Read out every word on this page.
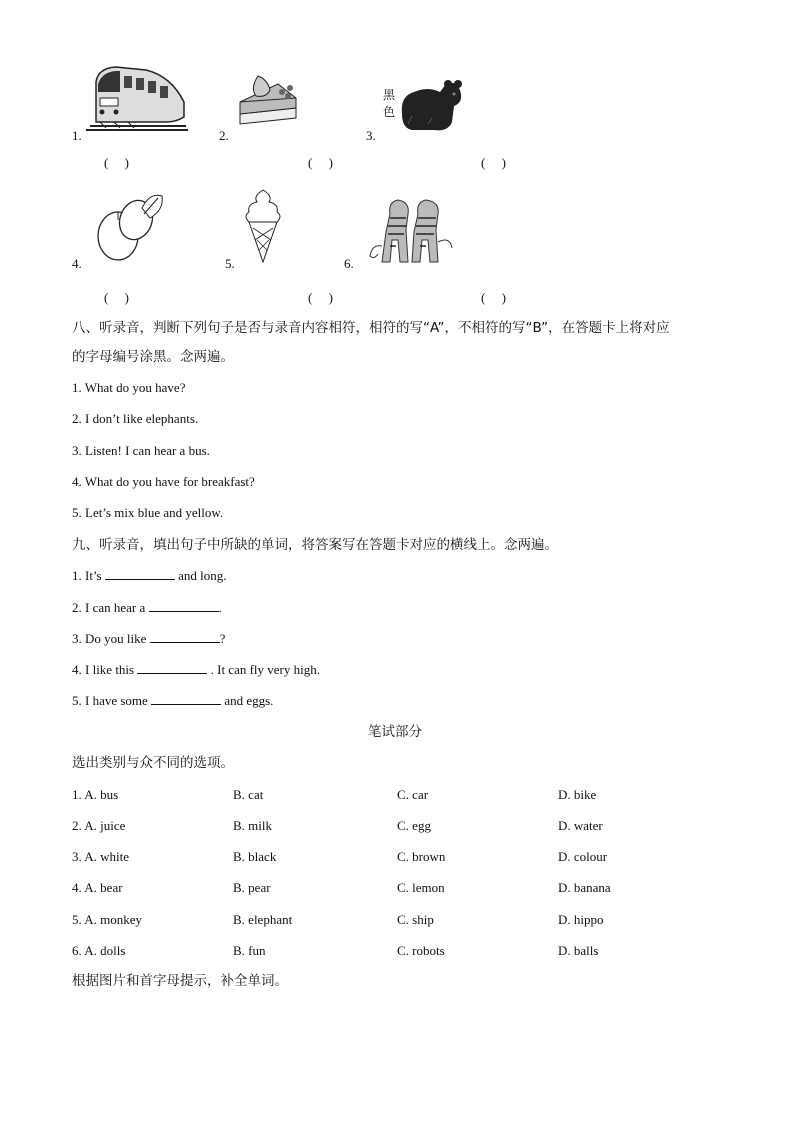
1.
(　 )
2.
(　 )
黑
色
3.
(　 )
4.
(　 )
5.
(　 )
6.
(　 )
八、听录音，判断下列句子是否与录音内容相符，相符的写“A”，不相符的写“B”，在答题卡上将对应
的字母编号涂黑。念两遍。
1. What do you have?
2. I don’t like elephants.
3. Listen! I can hear a bus.
4. What do you have for breakfast?
5. Let’s mix blue and yellow.
九、听录音，填出句子中所缺的单词，将答案写在答题卡对应的横线上。念两遍。
1. It’s	and long.
2. I can hear a	.
3. Do you like	?
4. I like this	. It can fly very high.
5. I have some	and eggs.
笔试部分
选出类别与众不同的选项。
1. A. bus	B. cat	C. car	D. bike
2. A. juice	B. milk	C. egg	D. water
3. A. white	B. black	C. brown	D. colour
4. A. bear	B. pear	C. lemon	D. banana
5. A. monkey	B. elephant	C. ship	D. hippo
6. A. dolls	B. fun	C. robots	D. balls
根据图片和首字母提示，补全单词。
